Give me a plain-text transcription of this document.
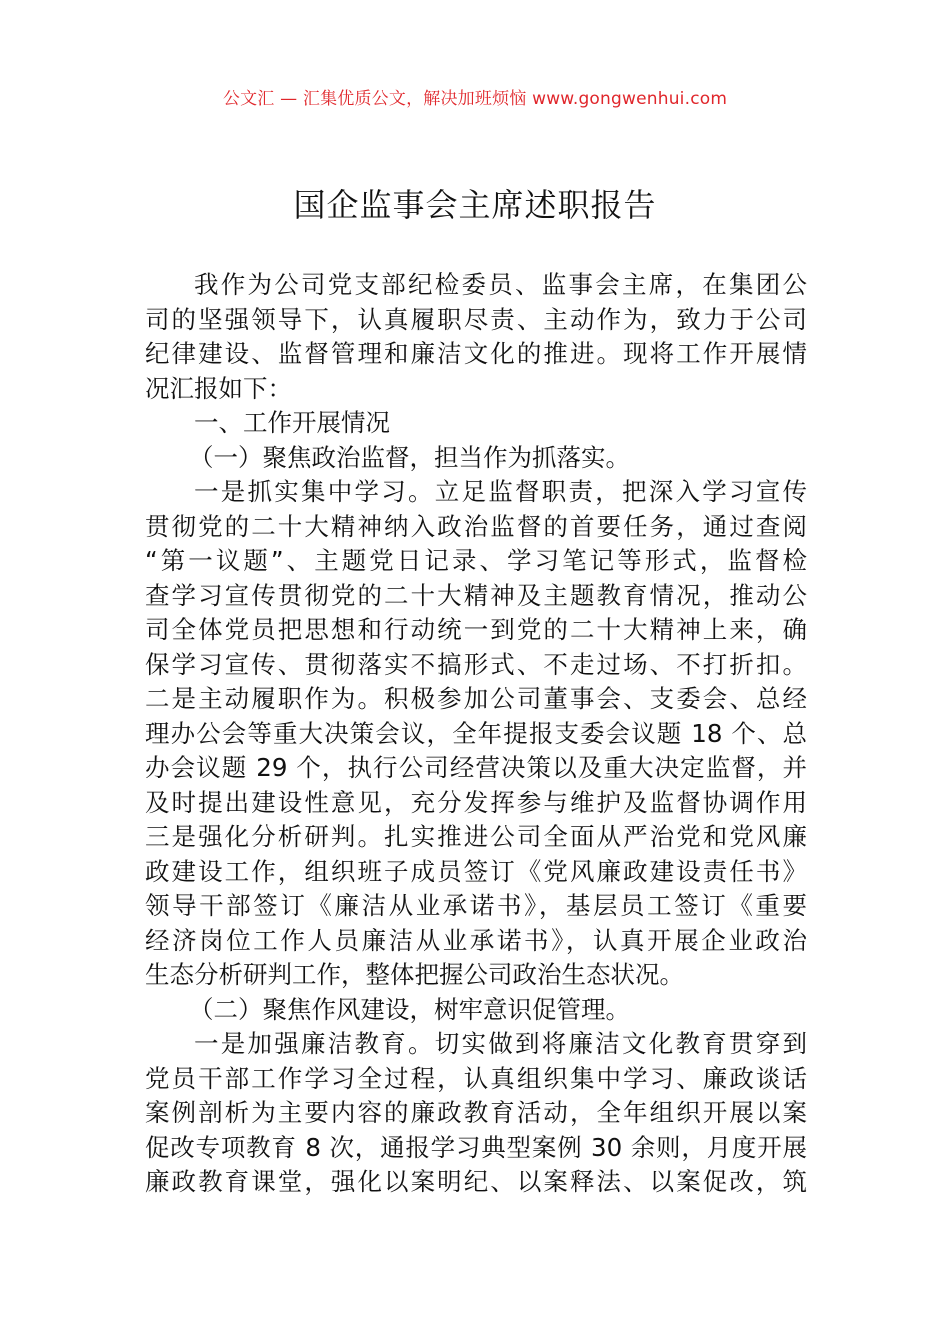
公文汇 — 汇集优质公文，解决加班烦恼 www.gongwenhui.com
国企监事会主席述职报告
我作为公司党支部纪检委员、监事会主席，在集团公
司的坚强领导下，认真履职尽责、主动作为，致力于公司
纪律建设、监督管理和廉洁文化的推进。现将工作开展情
况汇报如下：
一、工作开展情况
（一）聚焦政治监督，担当作为抓落实。
一是抓实集中学习。立足监督职责，把深入学习宣传
贯彻党的二十大精神纳入政治监督的首要任务，通过查阅
“第一议题”、主题党日记录、学习笔记等形式，监督检
查学习宣传贯彻党的二十大精神及主题教育情况，推动公
司全体党员把思想和行动统一到党的二十大精神上来，确
保学习宣传、贯彻落实不搞形式、不走过场、不打折扣。
二是主动履职作为。积极参加公司董事会、支委会、总经
理办公会等重大决策会议，全年提报支委会议题 18 个、总
办会议题 29 个，执行公司经营决策以及重大决定监督，并
及时提出建设性意见，充分发挥参与维护及监督协调作用
三是强化分析研判。扎实推进公司全面从严治党和党风廉
政建设工作，组织班子成员签订《党风廉政建设责任书》
领导干部签订《廉洁从业承诺书》，基层员工签订《重要
经济岗位工作人员廉洁从业承诺书》，认真开展企业政治
生态分析研判工作，整体把握公司政治生态状况。
（二）聚焦作风建设，树牢意识促管理。
一是加强廉洁教育。切实做到将廉洁文化教育贯穿到
党员干部工作学习全过程，认真组织集中学习、廉政谈话
案例剖析为主要内容的廉政教育活动，全年组织开展以案
促改专项教育 8 次，通报学习典型案例 30 余则，月度开展
廉政教育课堂，强化以案明纪、以案释法、以案促改，筑
